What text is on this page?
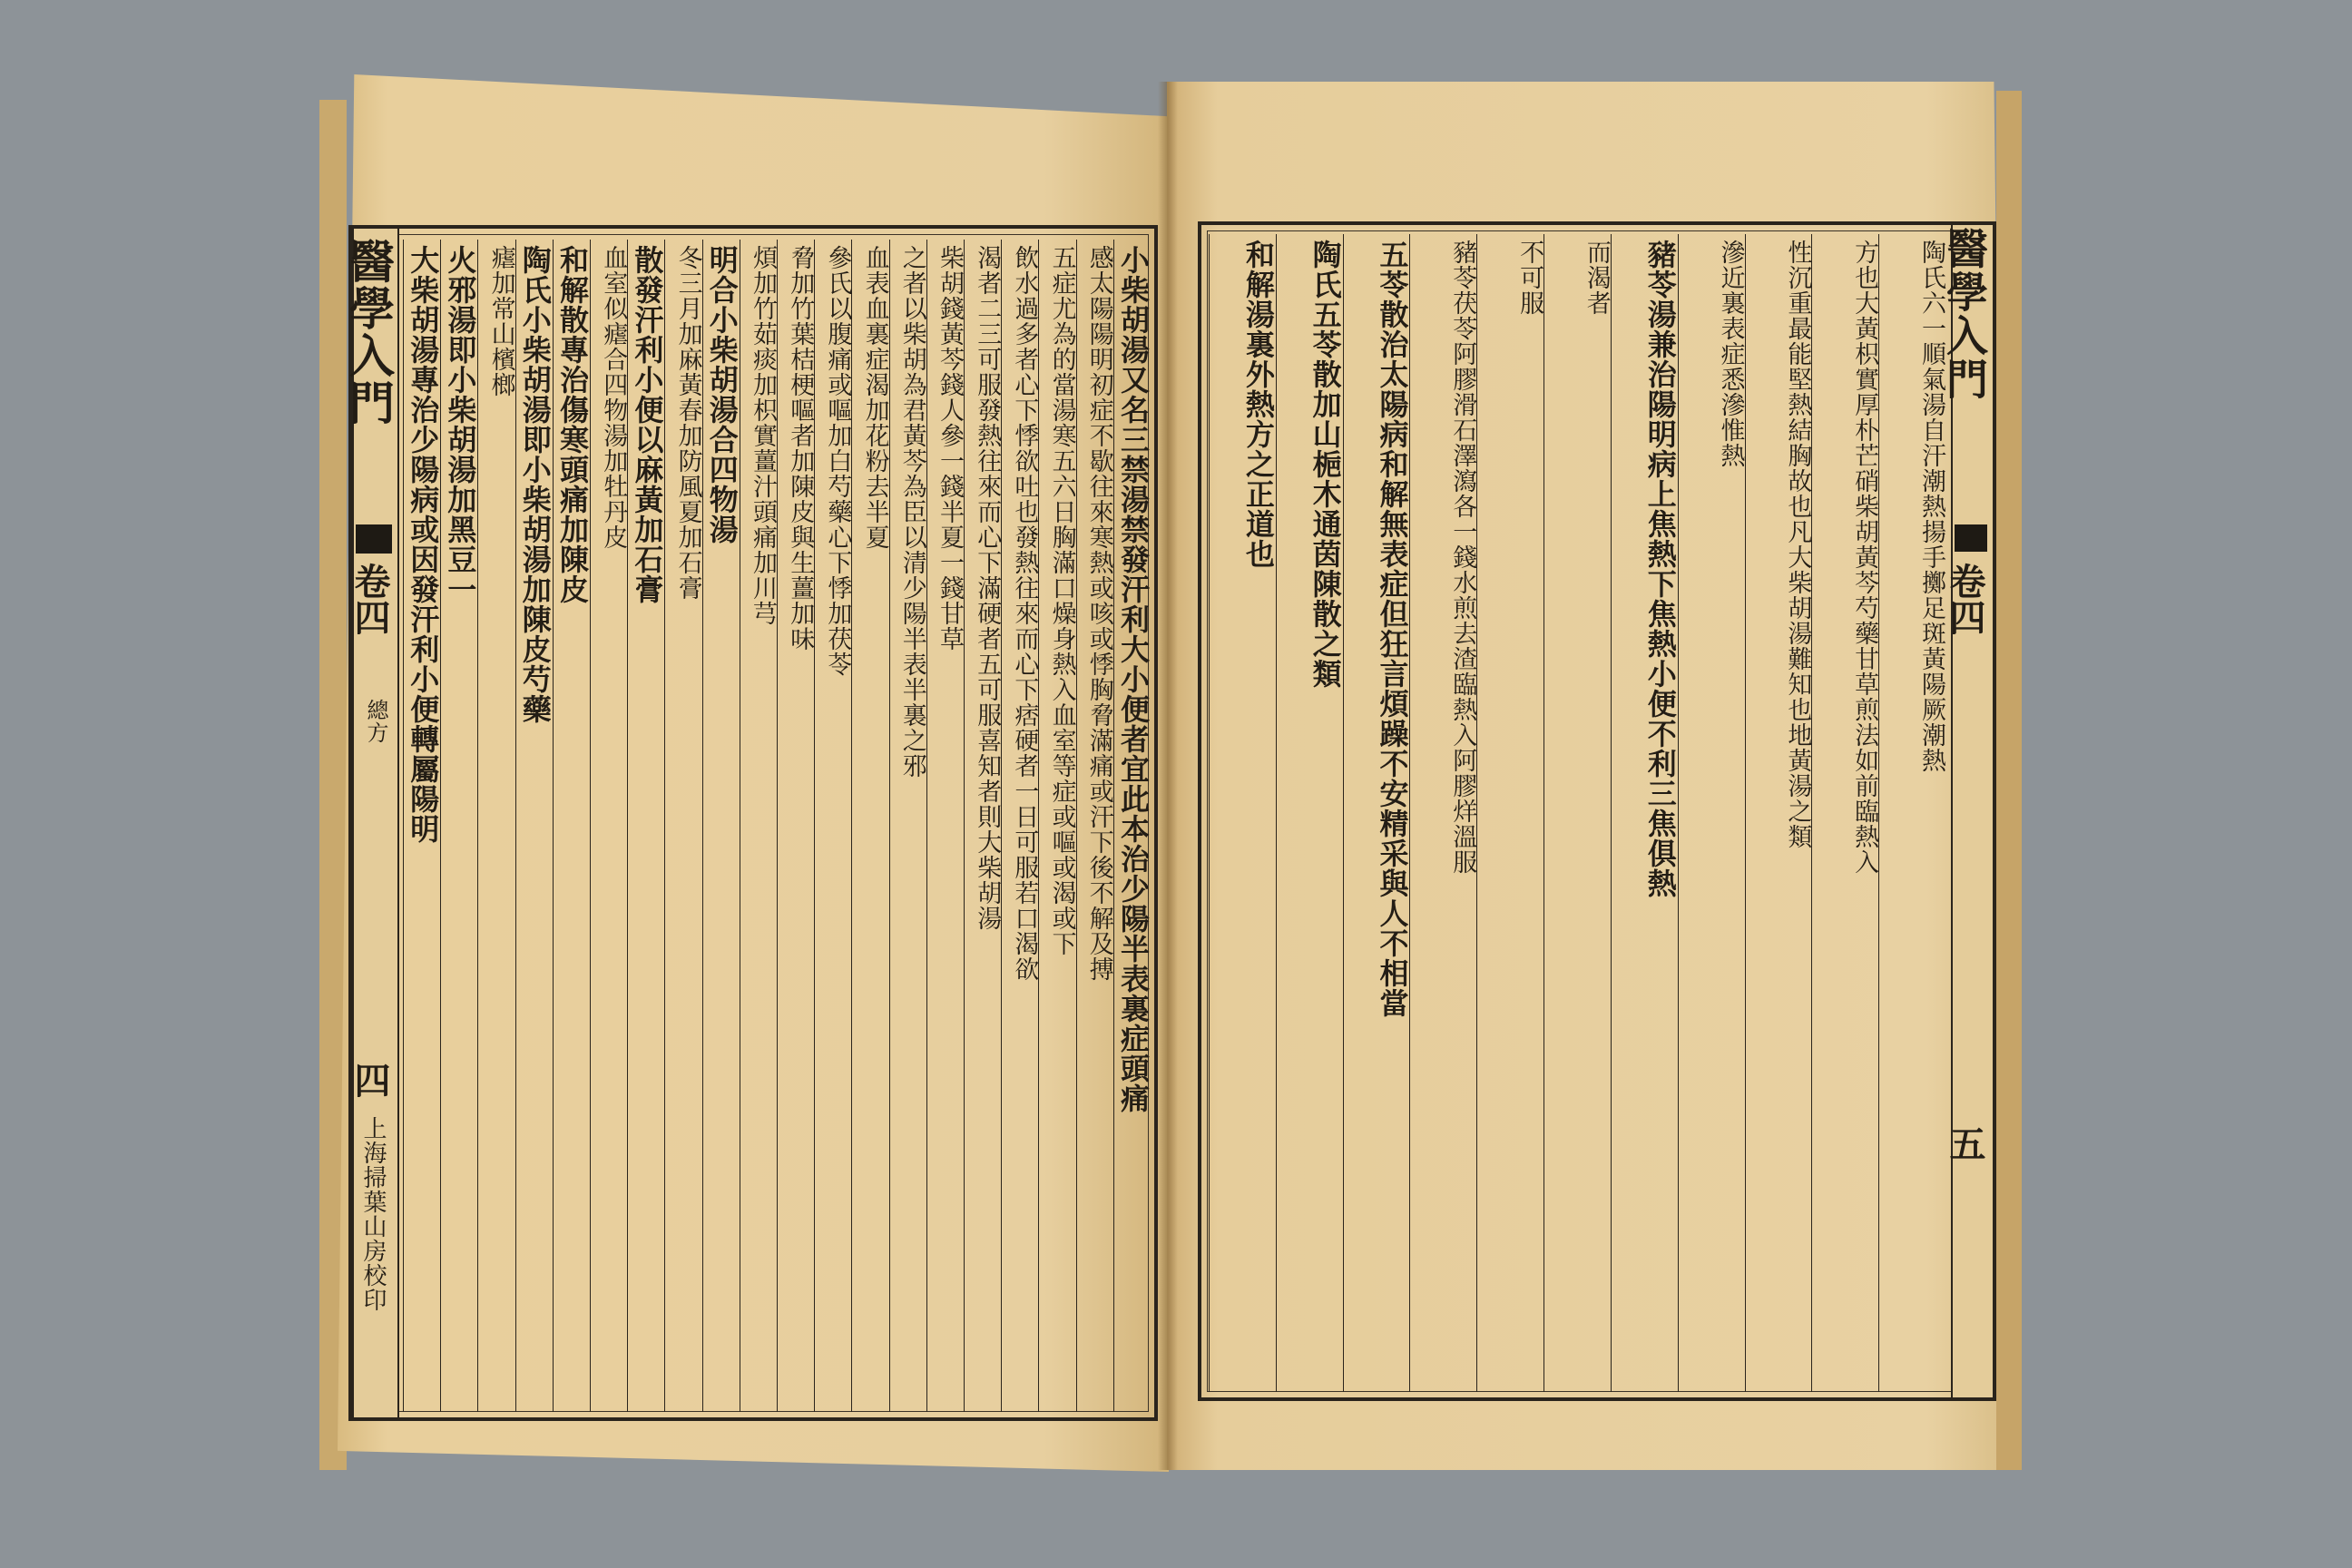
醫學入門
卷四
總方
四
上海掃葉山房校印
小柴胡湯又名三禁湯禁發汗利大小便者宜此本治少陽半表裏症頭痛
感太陽陽明初症不歇往來寒熱或咳或悸胸脅滿痛或汗下後不解及搏
五症尤為的當湯寒五六日胸滿口燥身熱入血室等症或嘔或渴或下
飲水過多者心下悸欲吐也發熱往來而心下痞硬者一日可服若口渴欲
渴者二三可服發熱往來而心下滿硬者五可服喜知者則大柴胡湯
柴胡錢黃芩錢人參一錢半夏一錢甘草
之者以柴胡為君黃芩為臣以清少陽半表半裏之邪
血表血裏症渴加花粉去半夏
參氏以腹痛或嘔加白芍藥心下悸加茯苓
脅加竹葉桔梗嘔者加陳皮與生薑加味
煩加竹茹痰加枳實薑汁頭痛加川芎
明合小柴胡湯合四物湯
冬三月加麻黃春加防風夏加石膏
散發汗利小便以麻黃加石膏
血室似瘧合四物湯加牡丹皮
和解散專治傷寒頭痛加陳皮
陶氏小柴胡湯即小柴胡湯加陳皮芍藥
瘧加常山檳榔
火邪湯即小柴胡湯加黑豆一
大柴胡湯專治少陽病或因發汗利小便轉屬陽明	醫學入門
卷四
五
陶氏六一順氣湯自汗潮熱揚手擲足斑黃陽厥潮熱
方也大黃枳實厚朴芒硝柴胡黃芩芍藥甘草煎法如前臨熱入
性沉重最能堅熱結胸故也凡大柴胡湯難知也地黃湯之類
滲近裏表症悉滲惟熱
豬苓湯兼治陽明病上焦熱下焦熱小便不利三焦俱熱
而渴者
不可服
豬苓茯苓阿膠滑石澤瀉各一錢水煎去渣臨熱入阿膠烊溫服
五苓散治太陽病和解無表症但狂言煩躁不安精采與人不相當
陶氏五苓散加山梔木通茵陳散之類
和解湯裏外熱方之正道也
